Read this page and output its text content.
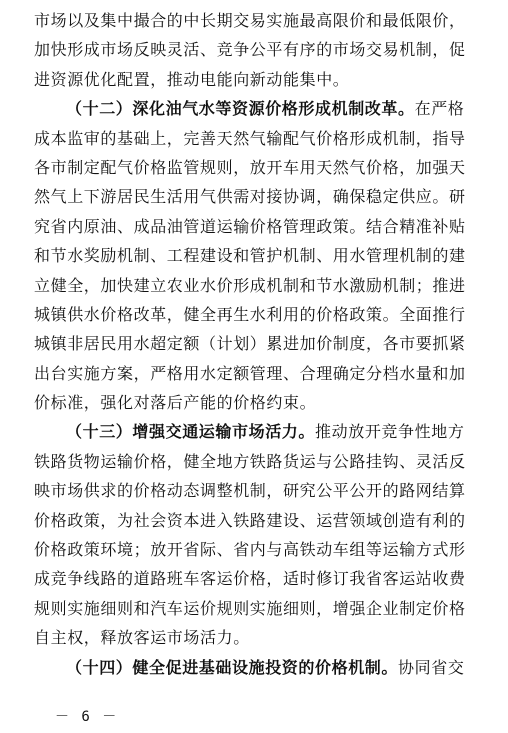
市场以及集中撮合的中长期交易实施最高限价和最低限价，
加快形成市场反映灵活、竞争公平有序的市场交易机制，促
进资源优化配置，推动电能向新动能集中。
（十二）深化油气水等资源价格形成机制改革。在严格
成本监审的基础上，完善天然气输配气价格形成机制，指导
各市制定配气价格监管规则，放开车用天然气价格，加强天
然气上下游居民生活用气供需对接协调，确保稳定供应。研
究省内原油、成品油管道运输价格管理政策。结合精准补贴
和节水奖励机制、工程建设和管护机制、用水管理机制的建
立健全，加快建立农业水价形成机制和节水激励机制；推进
城镇供水价格改革，健全再生水利用的价格政策。全面推行
城镇非居民用水超定额（计划）累进加价制度，各市要抓紧
出台实施方案，严格用水定额管理、合理确定分档水量和加
价标准，强化对落后产能的价格约束。
（十三）增强交通运输市场活力。推动放开竞争性地方
铁路货物运输价格，健全地方铁路货运与公路挂钩、灵活反
映市场供求的价格动态调整机制，研究公平公开的路网结算
价格政策，为社会资本进入铁路建设、运营领域创造有利的
价格政策环境；放开省际、省内与高铁动车组等运输方式形
成竞争线路的道路班车客运价格，适时修订我省客运站收费
规则实施细则和汽车运价规则实施细则，增强企业制定价格
自主权，释放客运市场活力。
（十四）健全促进基础设施投资的价格机制。协同省交
－ 6 －
